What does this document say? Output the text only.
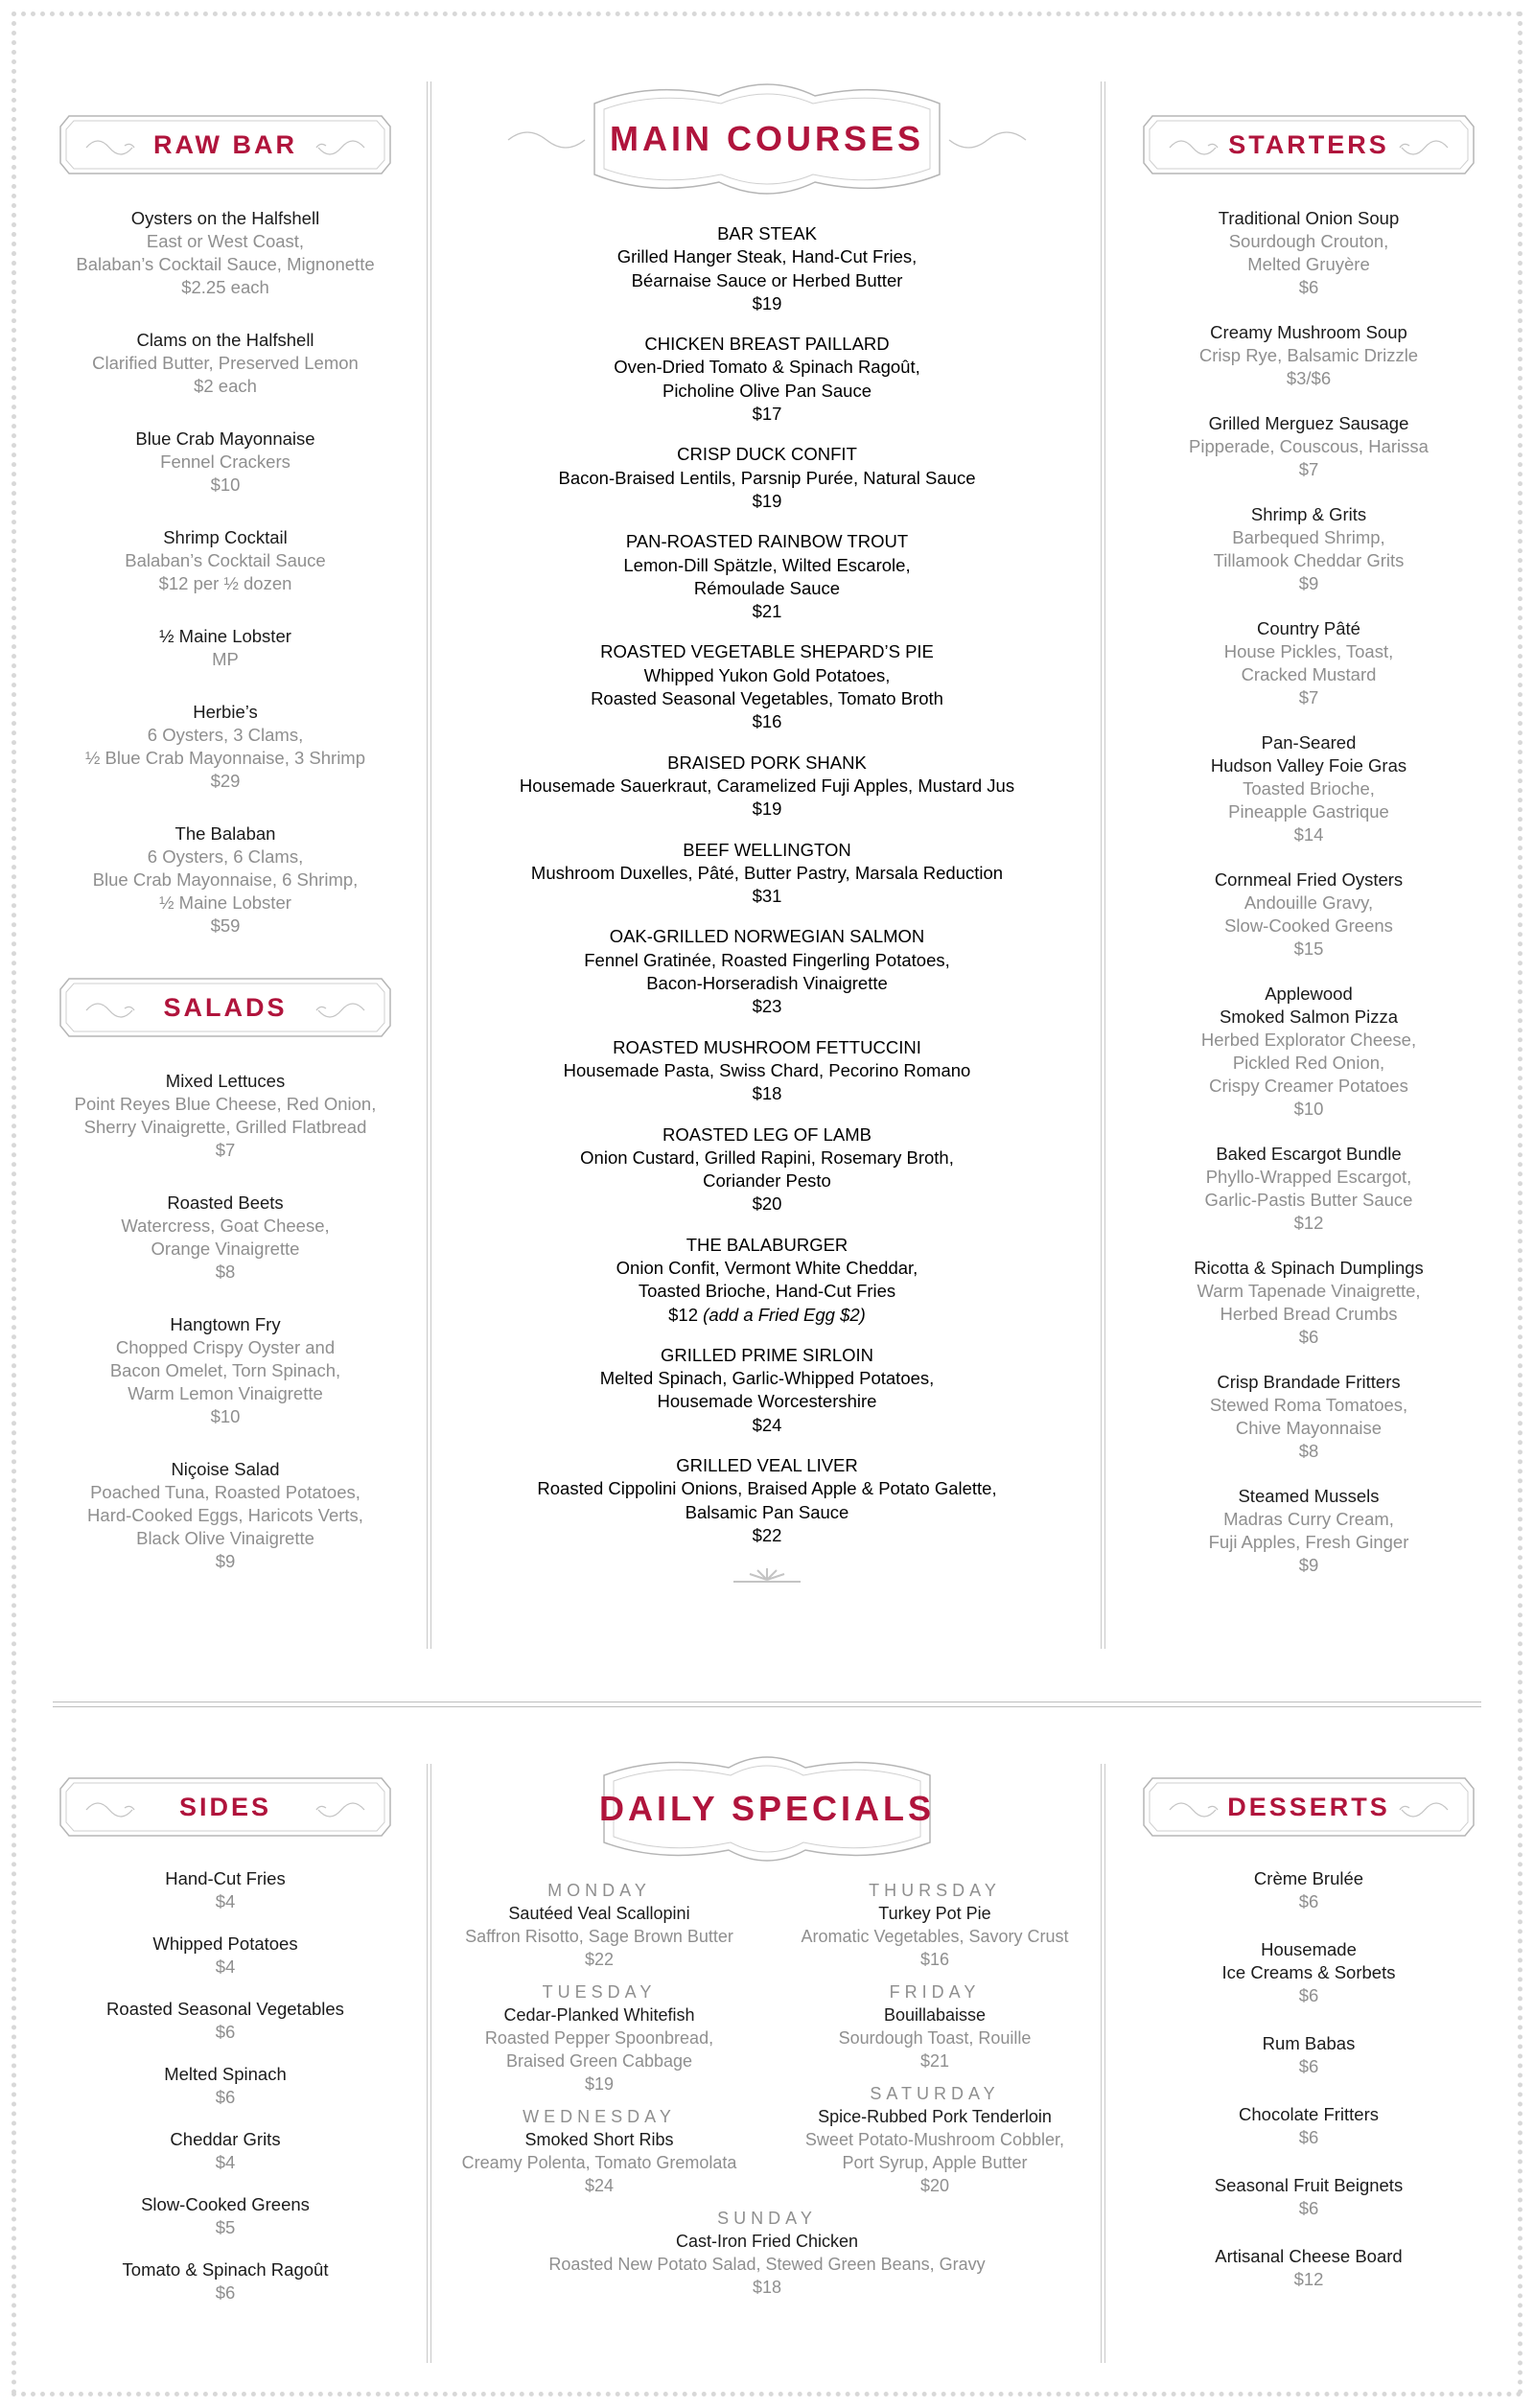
RAW BAR
Oysters on the Halfshell
East or West Coast,
Balaban’s Cocktail Sauce, Mignonette
$2.25 each
Clams on the Halfshell
Clarified Butter, Preserved Lemon
$2 each
Blue Crab Mayonnaise
Fennel Crackers
$10
Shrimp Cocktail
Balaban’s Cocktail Sauce
$12 per ½ dozen
½ Maine Lobster
MP
Herbie’s
6 Oysters, 3 Clams,
½ Blue Crab Mayonnaise, 3 Shrimp
$29
The Balaban
6 Oysters, 6 Clams,
Blue Crab Mayonnaise, 6 Shrimp,
½ Maine Lobster
$59
SALADS
Mixed Lettuces
Point Reyes Blue Cheese, Red Onion,
Sherry Vinaigrette, Grilled Flatbread
$7
Roasted Beets
Watercress, Goat Cheese,
Orange Vinaigrette
$8
Hangtown Fry
Chopped Crispy Oyster and
Bacon Omelet, Torn Spinach,
Warm Lemon Vinaigrette
$10
Niçoise Salad
Poached Tuna, Roasted Potatoes,
Hard-Cooked Eggs, Haricots Verts,
Black Olive Vinaigrette
$9
MAIN COURSES
BAR STEAK
Grilled Hanger Steak, Hand-Cut Fries,
Béarnaise Sauce or Herbed Butter
$19
CHICKEN BREAST PAILLARD
Oven-Dried Tomato & Spinach Ragoût,
Picholine Olive Pan Sauce
$17
CRISP DUCK CONFIT
Bacon-Braised Lentils, Parsnip Purée, Natural Sauce
$19
PAN-ROASTED RAINBOW TROUT
Lemon-Dill Spätzle, Wilted Escarole,
Rémoulade Sauce
$21
ROASTED VEGETABLE SHEPARD’S PIE
Whipped Yukon Gold Potatoes,
Roasted Seasonal Vegetables, Tomato Broth
$16
BRAISED PORK SHANK
Housemade Sauerkraut, Caramelized Fuji Apples, Mustard Jus
$19
BEEF WELLINGTON
Mushroom Duxelles, Pâté, Butter Pastry, Marsala Reduction
$31
OAK-GRILLED NORWEGIAN SALMON
Fennel Gratinée, Roasted Fingerling Potatoes,
Bacon-Horseradish Vinaigrette
$23
ROASTED MUSHROOM FETTUCCINI
Housemade Pasta, Swiss Chard, Pecorino Romano
$18
ROASTED LEG OF LAMB
Onion Custard, Grilled Rapini, Rosemary Broth,
Coriander Pesto
$20
THE BALABURGER
Onion Confit, Vermont White Cheddar,
Toasted Brioche, Hand-Cut Fries
$12 (add a Fried Egg $2)
GRILLED PRIME SIRLOIN
Melted Spinach, Garlic-Whipped Potatoes,
Housemade Worcestershire
$24
GRILLED VEAL LIVER
Roasted Cippolini Onions, Braised Apple & Potato Galette,
Balsamic Pan Sauce
$22
STARTERS
Traditional Onion Soup
Sourdough Crouton,
Melted Gruyère
$6
Creamy Mushroom Soup
Crisp Rye, Balsamic Drizzle
$3/$6
Grilled Merguez Sausage
Pipperade, Couscous, Harissa
$7
Shrimp & Grits
Barbequed Shrimp,
Tillamook Cheddar Grits
$9
Country Pâté
House Pickles, Toast,
Cracked Mustard
$7
Pan-Seared
Hudson Valley Foie Gras
Toasted Brioche,
Pineapple Gastrique
$14
Cornmeal Fried Oysters
Andouille Gravy,
Slow-Cooked Greens
$15
Applewood
Smoked Salmon Pizza
Herbed Explorator Cheese,
Pickled Red Onion,
Crispy Creamer Potatoes
$10
Baked Escargot Bundle
Phyllo-Wrapped Escargot,
Garlic-Pastis Butter Sauce
$12
Ricotta & Spinach Dumplings
Warm Tapenade Vinaigrette,
Herbed Bread Crumbs
$6
Crisp Brandade Fritters
Stewed Roma Tomatoes,
Chive Mayonnaise
$8
Steamed Mussels
Madras Curry Cream,
Fuji Apples, Fresh Ginger
$9
SIDES
Hand-Cut Fries
$4
Whipped Potatoes
$4
Roasted Seasonal Vegetables
$6
Melted Spinach
$6
Cheddar Grits
$4
Slow-Cooked Greens
$5
Tomato & Spinach Ragoût
$6
DAILY SPECIALS
MONDAY
Sautéed Veal Scallopini
Saffron Risotto, Sage Brown Butter
$22
TUESDAY
Cedar-Planked Whitefish
Roasted Pepper Spoonbread,
Braised Green Cabbage
$19
WEDNESDAY
Smoked Short Ribs
Creamy Polenta, Tomato Gremolata
$24
THURSDAY
Turkey Pot Pie
Aromatic Vegetables, Savory Crust
$16
FRIDAY
Bouillabaisse
Sourdough Toast, Rouille
$21
SATURDAY
Spice-Rubbed Pork Tenderloin
Sweet Potato-Mushroom Cobbler,
Port Syrup, Apple Butter
$20
SUNDAY
Cast-Iron Fried Chicken
Roasted New Potato Salad, Stewed Green Beans, Gravy
$18
DESSERTS
Crème Brulée
$6
Housemade
Ice Creams & Sorbets
$6
Rum Babas
$6
Chocolate Fritters
$6
Seasonal Fruit Beignets
$6
Artisanal Cheese Board
$12
